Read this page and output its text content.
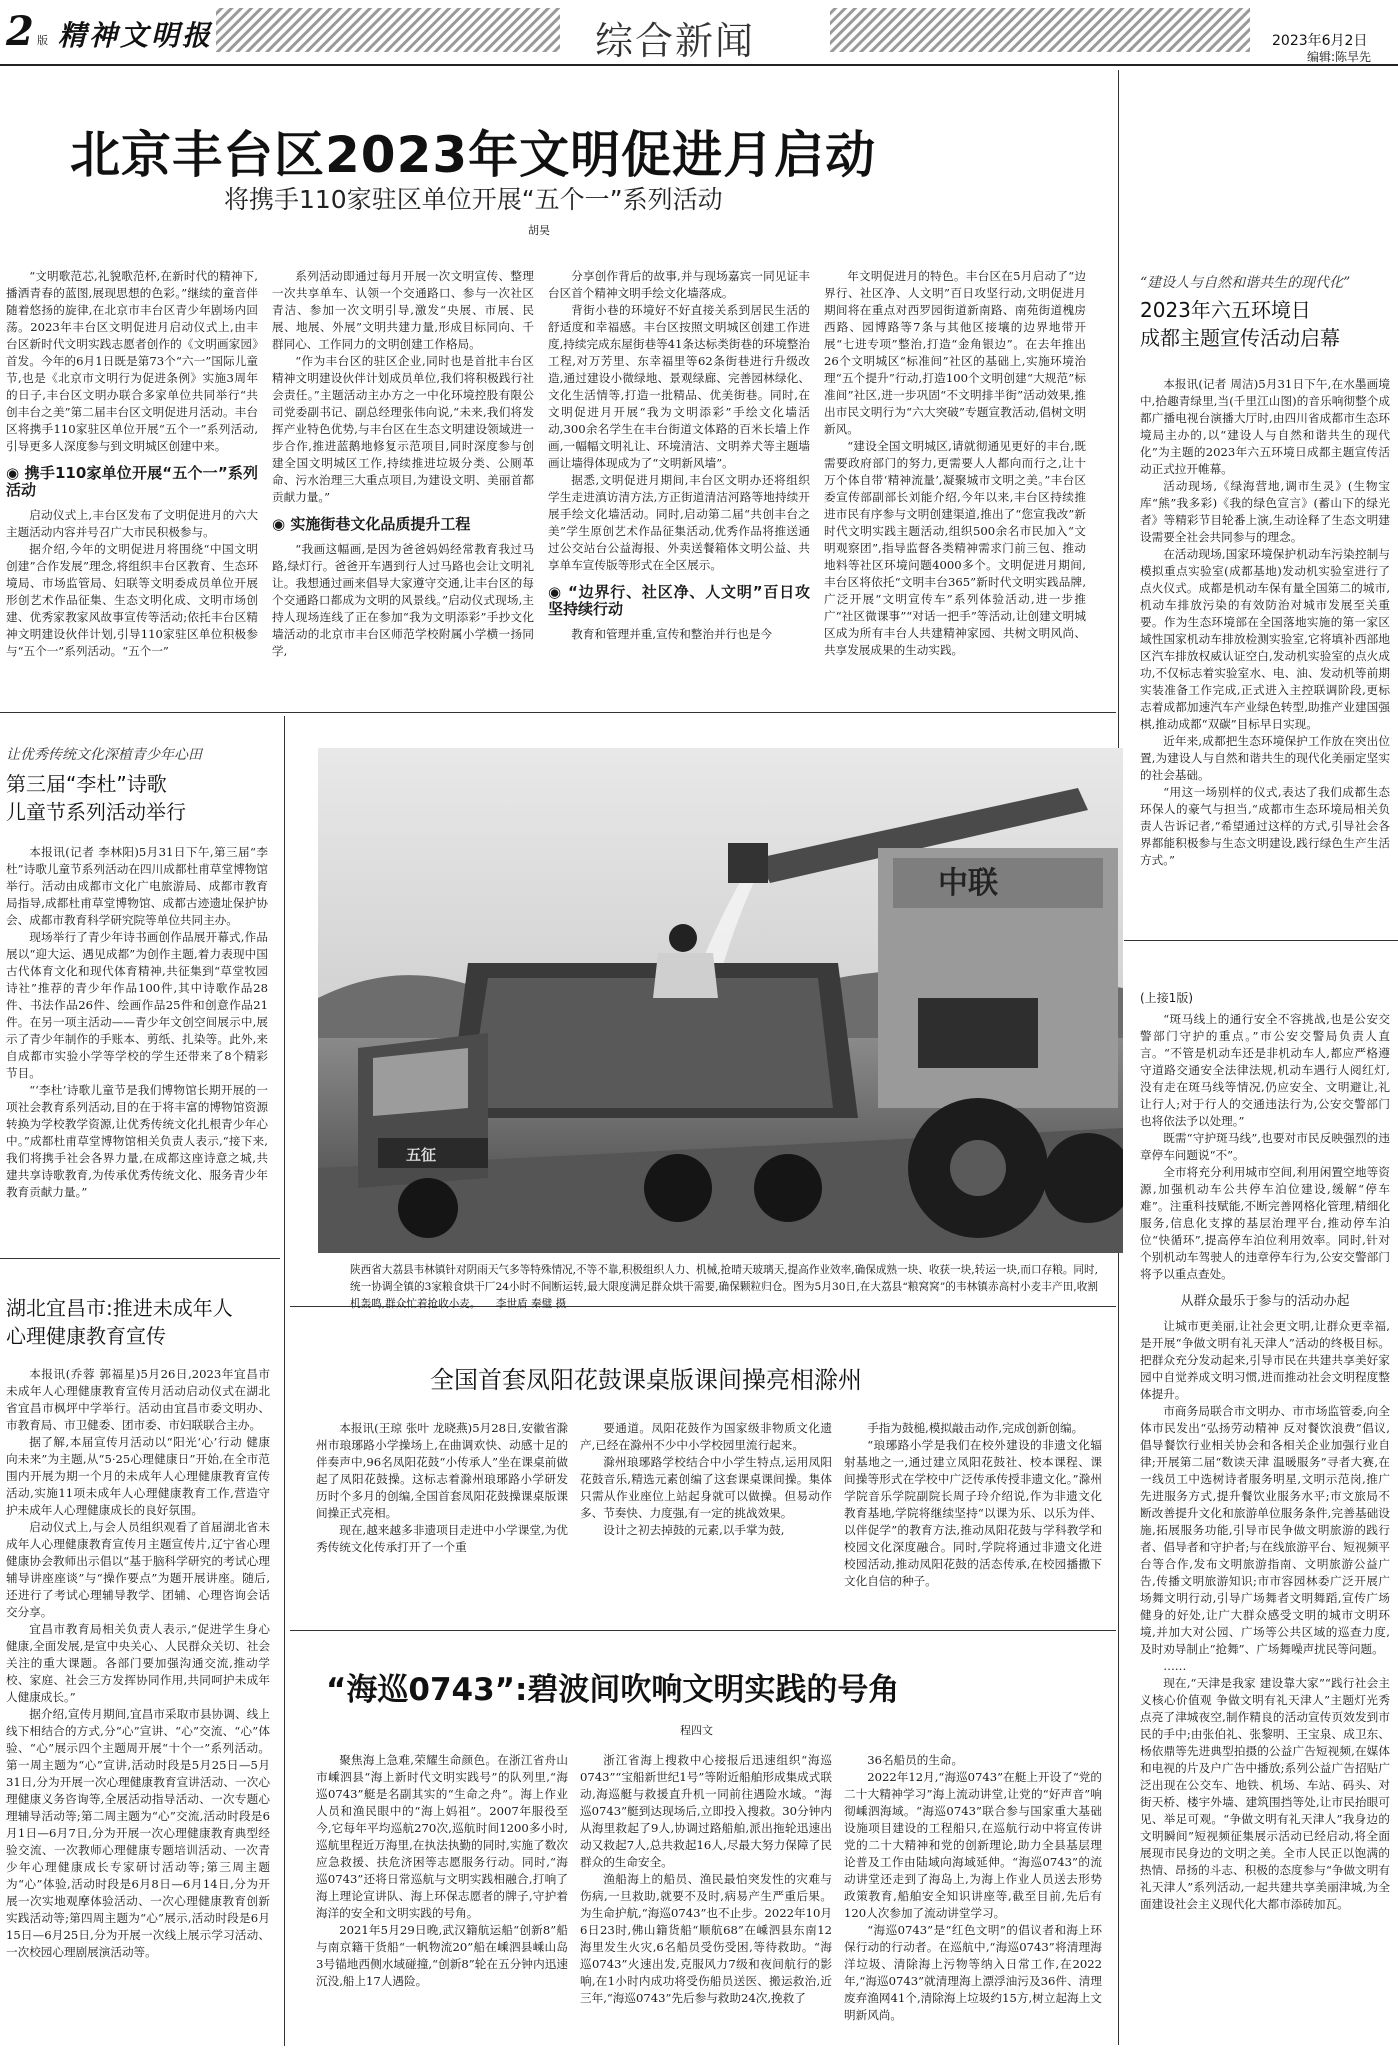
2 版 精神文明报	综合新闻	2023年6月2日
编辑:陈旱先
北京丰台区2023年文明促进月启动
将携手110家驻区单位开展“五个一”系列活动
胡昊

“文明歌范芯,礼貌歌范杯,在新时代的精神下,播洒青春的蓝图,展现思想的色彩。”继续的童音伴随着悠扬的旋律,在北京市丰台区青少年剧场内回荡。2023年丰台区文明促进月启动仪式上,由丰台区新时代文明实践志愿者创作的《文明画家园》首发。今年的6月1日既是第73个“六一”国际儿童节,也是《北京市文明行为促进条例》实施3周年的日子,丰台区文明办联合多家单位共同举行“共创丰台之美”第二届丰台区文明促进月活动。丰台区将携手110家驻区单位开展“五个一”系列活动,引导更多人深度参与到文明城区创建中来。

◉ 携手110家单位开展“五个一”系列活动

启动仪式上,丰台区发布了文明促进月的六大主题活动内容并号召广大市民积极参与。

据介绍,今年的文明促进月将围绕“中国文明创建”合作发展”理念,将组织丰台区教育、生态环境局、市场监管局、妇联等文明委成员单位开展形创艺术作品征集、生态文明化成、文明市场创建、优秀家教家风故事宣传等活动;依托丰台区精神文明建设伙伴计划,引导110家驻区单位积极参与“五个一”系列活动。“五个一”

系列活动即通过每月开展一次文明宣传、整理一次共享单车、认领一个交通路口、参与一次社区青洁、参加一次文明引导,激发“央展、市展、民展、地展、外展”文明共建力量,形成目标同向、千群同心、工作同力的文明创建工作格局。

“作为丰台区的驻区企业,同时也是首批丰台区精神文明建设伙伴计划成员单位,我们将积极践行社会责任。”主题活动主办方之一中化环境控股有限公司党委副书记、副总经理张伟向说,“未来,我们将发挥产业特色优势,与丰台区在生态文明建设领域进一步合作,推进蓝鹅地修复示范项目,同时深度参与创建全国文明城区工作,持续推进垃圾分类、公厕革命、污水治理三大重点项目,为建设文明、美丽首都贡献力量。”

◉ 实施街巷文化品质提升工程

“我画这幅画,是因为爸爸妈妈经常教育我过马路,绿灯行。爸爸开车遇到行人过马路也会让文明礼让。我想通过画来倡导大家遵守交通,让丰台区的每个交通路口都成为文明的风景线。”启动仪式现场,主持人现场连线了正在参加“我为文明添彩”手抄文化墙活动的北京市丰台区师范学校附属小学横一扬同学,

分享创作背后的故事,并与现场嘉宾一同见证丰台区首个精神文明手绘文化墙落成。

背街小巷的环境好不好直接关系到居民生活的舒适度和幸福感。丰台区按照文明城区创建工作进度,持续完成东屋街巷等41条达标类街巷的环境整治工程,对万芳里、东幸福里等62条街巷进行升级改造,通过建设小微绿地、景观绿廊、完善园林绿化、文化生活情等,打造一批精品、优美街巷。同时,在文明促进月开展“我为文明添彩”手绘文化墙活动,300余名学生在丰台街道文体路的百米长墙上作画,一幅幅文明礼让、环境清洁、文明养犬等主题墙画让墙得体现成为了“文明新风墙”。

据悉,文明促进月期间,丰台区文明办还将组织学生走进滇访清方法,方正街道清洁河路等地持续开展手绘文化墙活动。同时,启动第二届“共创丰台之美”学生原创艺术作品征集活动,优秀作品将推送通过公交站台公益海报、外卖送餐箱体文明公益、共享单车宣传版等形式在全区展示。

◉ “边界行、社区净、人文明”百日攻坚持续行动

教育和管理并重,宣传和整治并行也是今

年文明促进月的特色。丰台区在5月启动了“边界行、社区净、人文明”百日攻坚行动,文明促进月期间将在重点对西罗园街道新南路、南苑街道槐房西路、园博路等7条与其他区接壤的边界地带开展“七进专项”整治,打造“金角银边”。在去年推出26个文明城区“标准间”社区的基础上,实施环境治理“五个提升”行动,打造100个文明创建“大规范”标准间”社区,进一步巩固“不文明排半街”活动效果,推出市民文明行为“六大突破”专题宣教活动,倡树文明新风。

“建设全国文明城区,请就彻通见更好的丰台,既需要政府部门的努力,更需要人人都向而行之,让十万个体自带‘精神流量’,凝聚城市文明之美。”丰台区委宣传部副部长刘能介绍,今年以来,丰台区持续推进市民有序参与文明创建渠道,推出了“您宣我改”新时代文明实践主题活动,组织500余名市民加入“文明观察团”,指导监督各类精神需求门前三包、推动地料等社区环境问题4000多个。文明促进月期间,丰台区将依托“文明丰台365”新时代文明实践品牌,广泛开展“文明宣传车”系列体验活动,进一步推广“社区微课事”“对话一把手”等活动,让创建文明城区成为所有丰台人共建精神家园、共树文明风尚、共享发展成果的生动实践。

“建设人与自然和谐共生的现代化”
2023年六五环境日
成都主题宣传活动启幕

本报讯(记者 周洁)5月31日下午,在水墨画境中,拾趣青绿里,当(千里江山图)的音乐响彻整个成都广播电视台演播大厅时,由四川省成都市生态环境局主办的,以“建设人与自然和谐共生的现代化”为主题的2023年六五环境日成都主题宣传活动正式拉开帷幕。

活动现场,《绿海营地,调市生灵》(生物宝库“熊”我多彩)《我的绿色宣言》(蓄山下的绿光者》等精彩节目轮番上演,生动诠释了生态文明建设需要全社会共同参与的理念。

在活动现场,国家环境保护机动车污染控制与模拟重点实验室(成都基地)发动机实验室进行了点火仪式。成都是机动车保有量全国第二的城市,机动车排放污染的有效防治对城市发展至关重要。作为生态环境部在全国落地实施的第一家区域性国家机动车排放检测实验室,它将填补西部地区汽车排放权威认证空白,发动机实验室的点火成功,不仅标志着实验室水、电、油、发动机等前期实装准备工作完成,正式进入主控联调阶段,更标志着成都加速汽车产业绿色转型,助推产业建国强棋,推动成都“双碳”目标早日实现。

近年来,成都把生态环境保护工作放在突出位置,为建设人与自然和谐共生的现代化美丽定坚实的社会基础。

“用这一场别样的仪式,表达了我们成都生态环保人的豪气与担当,“成都市生态环境局相关负责人告诉记者,“希望通过这样的方式,引导社会各界都能积极参与生态文明建设,践行绿色生产生活方式。”

让优秀传统文化深植青少年心田
第三届“李杜”诗歌
儿童节系列活动举行

本报讯(记者 李林阳)5月31日下午,第三届“李杜”诗歌儿童节系列活动在四川成都杜甫草堂博物馆举行。活动由成都市文化广电旅游局、成都市教育局指导,成都杜甫草堂博物馆、成都古迹遗址保护协会、成都市教育科学研究院等单位共同主办。

现场举行了青少年诗书画创作品展开幕式,作品展以“迎大运、遇见成都”为创作主题,着力表现中国古代体育文化和现代体育精神,共征集到“草堂牧园诗社”推荐的青少年作品100件,其中诗歌作品28件、书法作品26件、绘画作品25件和创意作品21件。在另一项主活动——青少年文创空间展示中,展示了青少年制作的手账本、剪纸、扎染等。此外,来自成都市实验小学等学校的学生还带来了8个精彩节目。

“‘李杜’诗歌儿童节是我们博物馆长期开展的一项社会教育系列活动,目的在于将丰富的博物馆资源转换为学校教学资源,让优秀传统文化扎根青少年心中。”成都杜甫草堂博物馆相关负责人表示,“接下来,我们将携手社会各界力量,在成都这座诗意之城,共建共享诗歌教育,为传承优秀传统文化、服务青少年教育贡献力量。”

中联
五征
陕西省大荔县韦林镇针对阴雨天气多等特殊情况,不等不靠,积极组织人力、机械,抢晴天玻璃天,提高作业效率,确保成熟一块、收获一块,转运一块,而口存粮。同时,统一协调全镇的3家粮食烘干厂24小时不间断运转,最大限度满足群众烘干需要,确保颗粒归仓。图为5月30日,在大荔县“粮窝窝”的韦林镇赤高村小麦丰产田,收割机轰鸣,群众忙着抢收小麦。 李世盾 秦璧 摄
湖北宜昌市:推进未成年人
心理健康教育宣传

本报讯(乔蓉 郭福星)5月26日,2023年宜昌市未成年人心理健康教育宣传月活动启动仪式在湖北省宜昌市枫坪中学举行。活动由宜昌市委文明办、市教育局、市卫健委、团市委、市妇联联合主办。

据了解,本届宣传月活动以“阳光‘心’行动 健康向未来”为主题,从“5·25心理健康日”开始,在全市范围内开展为期一个月的未成年人心理健康教育宣传活动,实施11项未成年人心理健康教育工作,营造守护未成年人心理健康成长的良好氛围。

启动仪式上,与会人员组织观看了首届湖北省未成年人心理健康教育宣传月主题宣传片,辽宁省心理健康协会教师出示倡以“基于脑科学研究的考试心理辅导讲座座谈”与“操作要点”为题开展讲座。随后,还进行了考试心理辅导教学、团辅、心理咨询会话交分享。

宜昌市教育局相关负责人表示,“促进学生身心健康,全面发展,是宣中央关心、人民群众关切、社会关注的重大课题。各部门要加强沟通交流,推动学校、家庭、社会三方发挥协同作用,共同呵护未成年人健康成长。”

据介绍,宣传月期间,宜昌市采取市县协调、线上线下相结合的方式,分“心”宣讲、“心”交流、“心”体验、“心”展示四个主题周开展“十个一”系列活动。第一周主题为“心”宣讲,活动时段是5月25日—5月31日,分为开展一次心理健康教育宣讲活动、一次心理健康义务咨询等,全展活动指导活动、一次专题心理辅导活动等;第二周主题为“心”交流,活动时段是6月1日—6月7日,分为开展一次心理健康教育典型经验交流、一次教师心理健康专题培训活动、一次青少年心理健康成长专家研讨活动等;第三周主题为“心”体验,活动时段是6月8日—6月14日,分为开展一次实地观摩体验活动、一次心理健康教育创新实践活动等;第四周主题为“心”展示,活动时段是6月15日—6月25日,分为开展一次线上展示学习活动、一次校园心理剧展演活动等。

全国首套凤阳花鼓课桌版课间操亮相滁州

本报讯(王琼 张叶 龙晓燕)5月28日,安徽省滁州市琅琊路小学操场上,在曲调欢快、动感十足的伴奏声中,96名凤阳花鼓“小传承人”坐在课桌前做起了凤阳花鼓操。这标志着滁州琅琊路小学研发历时个多月的创编,全国首套凤阳花鼓操课桌版课间操正式亮相。

现在,越来越多非遗项目走进中小学课堂,为优秀传统文化传承打开了一个重

要通道。凤阳花鼓作为国家级非物质文化遗产,已经在滁州不少中小学校园里流行起来。

滁州琅琊路学校结合中小学生特点,运用凤阳花鼓音乐,精选元素创编了这套课桌课间操。集体只需从作业座位上站起身就可以做操。但易动作多、节奏快、力度强,有一定的挑战效果。

设计之初去掉鼓的元素,以手掌为鼓,

手指为鼓槌,模拟敲击动作,完成创新创编。

“琅琊路小学是我们在校外建设的非遗文化辐射基地之一,通过建立凤阳花鼓社、校本课程、课间操等形式在学校中广泛传承传授非遗文化。”滁州学院音乐学院副院长周子玲介绍说,作为非遗文化教育基地,学院将继续坚持“以课为乐、以乐为伴、以伴促学”的教育方法,推动凤阳花鼓与学科教学和校园文化深度融合。同时,学院将通过非遗文化进校园活动,推动凤阳花鼓的活态传承,在校园播撒下文化自信的种子。

“海巡0743”:碧波间吹响文明实践的号角
程四文

聚焦海上急难,荣耀生命颜色。在浙江省舟山市嵊泗县“海上新时代文明实践号”的队列里,“海巡0743”艇是名副其实的“生命之舟”。海上作业人员和渔民眼中的“海上妈祖”。2007年服役至今,它每年平均巡航270次,巡航时间1200多小时,巡航里程近万海里,在执法执勤的同时,实施了数次应急救援、扶危济困等志愿服务行动。同时,“海巡0743”还将日常巡航与文明实践相融合,打响了海上理论宣讲队、海上环保志愿者的牌子,守护着海洋的安全和文明实践的号角。

2021年5月29日晚,武汉籍航运船“创新8”船与南京籍干货船“一帆物流20”船在嵊泗县嵊山岛3号锚地西侧水域碰撞,“创新8”轮在五分钟内迅速沉没,船上17人遇险。

浙江省海上搜救中心接报后迅速组织“海巡0743”“宝船新世纪1号”等附近船舶形成集成式联动,海巡艇与救援直升机一同前往遇险水域。“海巡0743”艇到达现场后,立即投入搜救。30分钟内从海里救起了9人,协调过路船舶,派出拖轮迅速出动又救起7人,总共救起16人,尽最大努力保障了民群众的生命安全。

渔船海上的船员、渔民最怕突发性的灾难与伤病,一旦救助,就要不及时,病易产生严重后果。为生命护航,“海巡0743”也不止步。2022年10月6日23时,佛山籍货船“顺航68”在嵊泗县东南12海里发生火灾,6名船员受伤受困,等待救助。“海巡0743”火速出发,克服风力7级和夜间航行的影响,在1小时内成功将受伤船员送医、搬运救治,近三年,“海巡0743”先后参与救助24次,挽救了

36名船员的生命。

2022年12月,“海巡0743”在艇上开设了“党的二十大精神学习”海上流动讲堂,让党的“好声音”响彻嵊泗海域。“海巡0743”联合参与国家重大基础设施项目建设的工程船只,在巡航行动中将宣传讲党的二十大精神和党的创新理论,助力全县基层理论普及工作由陆域向海域延伸。“海巡0743”的流动讲堂还走到了海岛上,为海上作业人员送去形势政策教育,船舶安全知识讲座等,截至目前,先后有120人次参加了流动讲堂学习。

“海巡0743”是“红色文明”的倡议者和海上环保行动的行动者。在巡航中,“海巡0743”将清理海洋垃圾、清除海上污物等纳入日常工作,在2022年,“海巡0743”就清理海上漂浮油污及36件、清理废弃渔网41个,清除海上垃圾约15方,树立起海上文明新风尚。

(上接1版)

“斑马线上的通行安全不容挑战,也是公安交警部门守护的重点。”市公安交警局负责人直言。“不管是机动车还是非机动车人,都应严格遵守道路交通安全法律法规,机动车遇行人阅红灯,没有走在斑马线等情况,仍应安全、文明避让,礼让行人;对于行人的交通违法行为,公安交警部门也将依法予以处理。”

既需“守护斑马线”,也要对市民反映强烈的违章停车问题说“不”。

全市将充分利用城市空间,利用闲置空地等资源,加强机动车公共停车泊位建设,缓解“停车难”。注重科技赋能,不断完善网格化管理,精细化服务,信息化支撑的基层治理平台,推动停车泊位“快循环”,提高停车泊位利用效率。同时,针对个别机动车驾驶人的违章停车行为,公安交警部门将予以重点查处。

从群众最乐于参与的活动办起

让城市更美丽,让社会更文明,让群众更幸福,是开展“争做文明有礼天津人”活动的终极目标。把群众充分发动起来,引导市民在共建共享美好家园中自觉养成文明习惯,进而推动社会文明程度整体提升。

市商务局联合市文明办、市市场监管委,向全体市民发出“弘扬劳动精神 反对餐饮浪费”倡议,倡导餐饮行业相关协会和各相关企业加强行业自律;开展第二届“数读天津 温暖服务”寻者大赛,在一线员工中选树诗者服务明星,文明示范岗,推广先进服务方式,提升餐饮业服务水平;市文旅局不断改善提升文化和旅游单位服务条件,完善基础设施,拓展服务功能,引导市民争做文明旅游的践行者、倡导者和守护者;与在线旅游平台、短视频平台等合作,发布文明旅游指南、文明旅游公益广告,传播文明旅游知识;市市容园林委广泛开展广场舞文明行动,引导广场舞者文明舞蹈,宣传广场健身的好处,让广大群众感受文明的城市文明环境,并加大对公园、广场等公共区域的巡查力度,及时劝导制止“抢舞”、广场舞噪声扰民等问题。

……

现在,“天津是我家 建设靠大家”“践行社会主义核心价值观 争做文明有礼天津人”主题灯光秀点亮了津城夜空,制作精良的活动宣传页效发到市民的手中;由张伯礼、张黎明、王宝泉、成卫东、杨依鼎等先进典型拍摄的公益广告短视频,在媒体和电视的片及户广告中播放;系列公益广告招贴广泛出现在公交车、地铁、机场、车站、码头、对街天桥、楼宇外墙、建筑围挡等处,让市民抬眼可见、举足可观。“争做文明有礼天津人”我身边的文明瞬间”短视频征集展示活动已经启动,将全面展现市民身边的文明之美。全市人民正以饱满的热情、昂扬的斗志、积极的态度参与“争做文明有礼天津人”系列活动,一起共建共享美丽津城,为全面建设社会主义现代化大都市添砖加瓦。
